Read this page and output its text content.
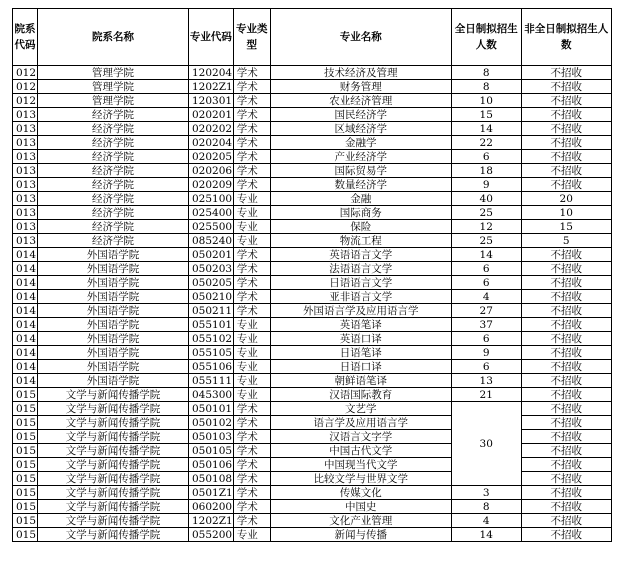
院系代码	院系名称	专业代码	专业类型	专业名称	全日制拟招生人数	非全日制拟招生人数
012	管理学院	120204	学术	技术经济及管理	8	不招收
012	管理学院	1202Z1	学术	财务管理	8	不招收
012	管理学院	120301	学术	农业经济管理	10	不招收
013	经济学院	020201	学术	国民经济学	15	不招收
013	经济学院	020202	学术	区域经济学	14	不招收
013	经济学院	020204	学术	金融学	22	不招收
013	经济学院	020205	学术	产业经济学	6	不招收
013	经济学院	020206	学术	国际贸易学	18	不招收
013	经济学院	020209	学术	数量经济学	9	不招收
013	经济学院	025100	专业	金融	40	20
013	经济学院	025400	专业	国际商务	25	10
013	经济学院	025500	专业	保险	12	15
013	经济学院	085240	专业	物流工程	25	5
014	外国语学院	050201	学术	英语语言文学	14	不招收
014	外国语学院	050203	学术	法语语言文学	6	不招收
014	外国语学院	050205	学术	日语语言文学	6	不招收
014	外国语学院	050210	学术	亚非语言文学	4	不招收
014	外国语学院	050211	学术	外国语言学及应用语言学	27	不招收
014	外国语学院	055101	专业	英语笔译	37	不招收
014	外国语学院	055102	专业	英语口译	6	不招收
014	外国语学院	055105	专业	日语笔译	9	不招收
014	外国语学院	055106	专业	日语口译	6	不招收
014	外国语学院	055111	专业	朝鲜语笔译	13	不招收
015	文学与新闻传播学院	045300	专业	汉语国际教育	21	不招收
015	文学与新闻传播学院	050101	学术	文艺学	30	不招收
015	文学与新闻传播学院	050102	学术	语言学及应用语言学		不招收
015	文学与新闻传播学院	050103	学术	汉语言文字学		不招收
015	文学与新闻传播学院	050105	学术	中国古代文学		不招收
015	文学与新闻传播学院	050106	学术	中国现当代文学		不招收
015	文学与新闻传播学院	050108	学术	比较文学与世界文学		不招收
015	文学与新闻传播学院	0501Z1	学术	传媒文化	3	不招收
015	文学与新闻传播学院	060200	学术	中国史	8	不招收
015	文学与新闻传播学院	1202Z1	学术	文化产业管理	4	不招收
015	文学与新闻传播学院	055200	专业	新闻与传播	14	不招收
